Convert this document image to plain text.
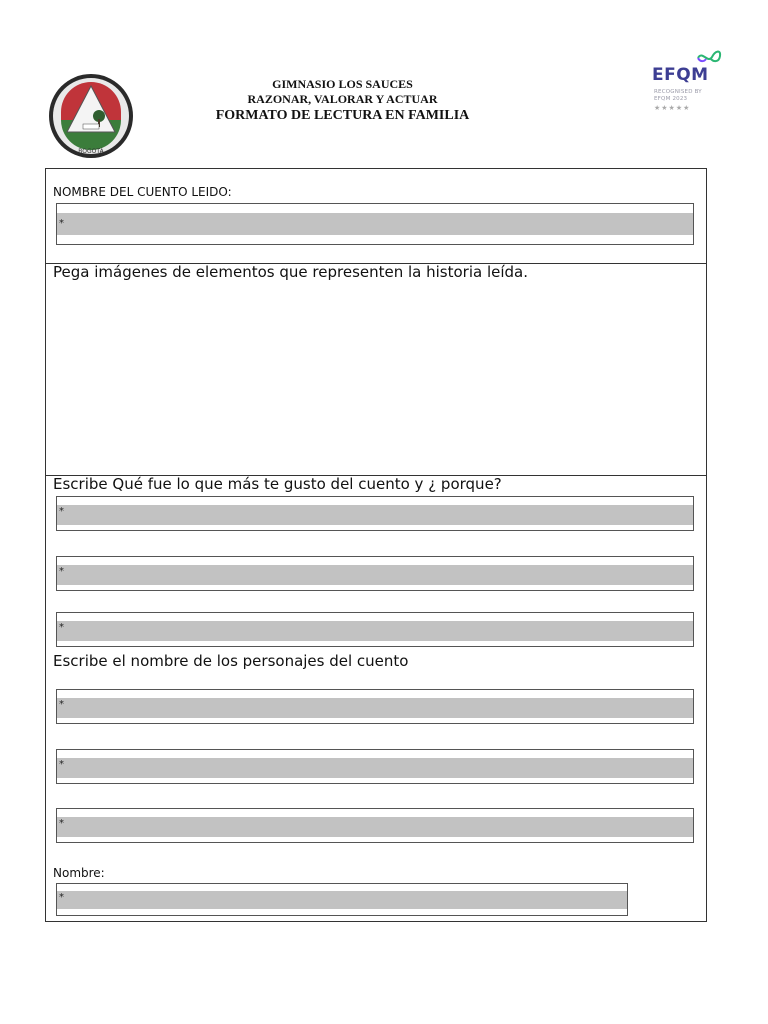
BOGOTÁ
GIMNASIO LOS SAUCES
RAZONAR, VALORAR Y ACTUAR
FORMATO DE LECTURA EN FAMILIA
EFQM
RECOGNISED BY
EFQM 2023
★★★★★
NOMBRE DEL CUENTO LEIDO:
*
Pega imágenes de elementos que representen la historia leída.
Escribe Qué fue lo que más te gusto del cuento y ¿ porque?
*
*
*
Escribe el nombre de los personajes del cuento
*
*
*
Nombre:
*
